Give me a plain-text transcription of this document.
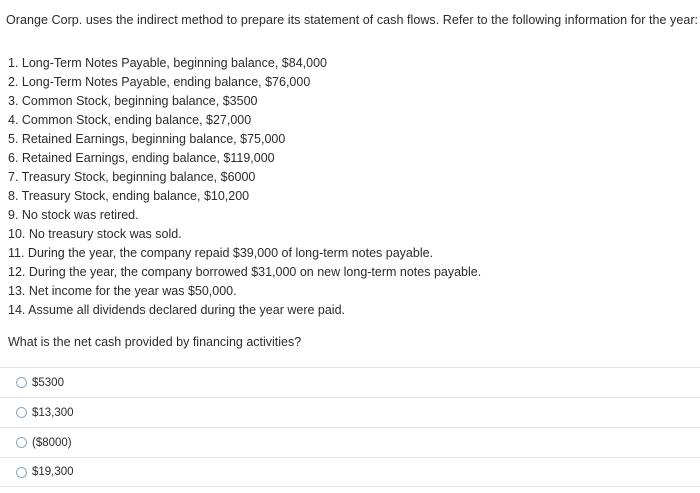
Orange Corp. uses the indirect method to prepare its statement of cash flows. Refer to the following information for the year:
1. Long-Term Notes Payable, beginning balance, $84,000
2. Long-Term Notes Payable, ending balance, $76,000
3. Common Stock, beginning balance, $3500
4. Common Stock, ending balance, $27,000
5. Retained Earnings, beginning balance, $75,000
6. Retained Earnings, ending balance, $119,000
7. Treasury Stock, beginning balance, $6000
8. Treasury Stock, ending balance, $10,200
9. No stock was retired.
10. No treasury stock was sold.
11. During the year, the company repaid $39,000 of long-term notes payable.
12. During the year, the company borrowed $31,000 on new long-term notes payable.
13. Net income for the year was $50,000.
14. Assume all dividends declared during the year were paid.
What is the net cash provided by financing activities?
$5300
$13,300
($8000)
$19,300
